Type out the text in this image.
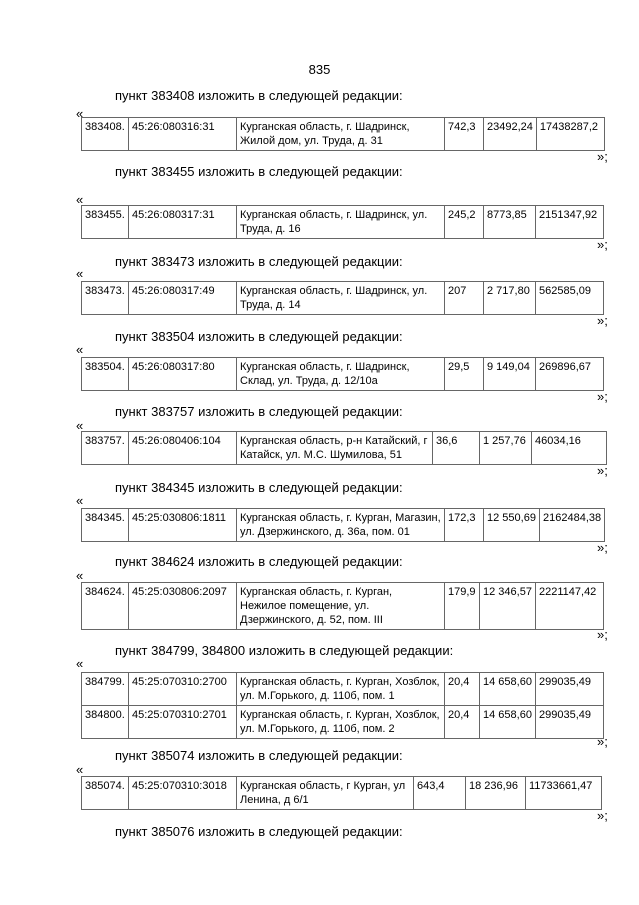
835
пункт 383408 изложить в следующей редакции:
«
383408.	45:26:080316:31	Курганская область, г. Шадринск, Жилой дом, ул. Труда, д. 31	742,3	23492,24	17438287,2
»;
пункт 383455 изложить в следующей редакции:
«
383455.	45:26:080317:31	Курганская область, г. Шадринск, ул. Труда, д. 16	245,2	8773,85	2151347,92
»;
пункт 383473 изложить в следующей редакции:
«
383473.	45:26:080317:49	Курганская область, г. Шадринск, ул. Труда, д. 14	207	2 717,80	562585,09
»;
пункт 383504 изложить в следующей редакции:
«
383504.	45:26:080317:80	Курганская область, г. Шадринск, Склад, ул. Труда, д. 12/10а	29,5	9 149,04	269896,67
»;
пункт 383757 изложить в следующей редакции:
«
383757.	45:26:080406:104	Курганская область, р-н Катайский, г Катайск, ул. М.С. Шумилова, 51	36,6	1 257,76	46034,16
»;
пункт 384345 изложить в следующей редакции:
«
384345.	45:25:030806:1811	Курганская область, г. Курган, Магазин, ул. Дзержинского, д. 36а, пом. 01	172,3	12 550,69	2162484,38
»;
пункт 384624 изложить в следующей редакции:
«
384624.	45:25:030806:2097	Курганская область, г. Курган, Нежилое помещение, ул. Дзержинского, д. 52, пом. III	179,9	12 346,57	2221147,42
»;
пункт 384799, 384800 изложить в следующей редакции:
«
384799.	45:25:070310:2700	Курганская область, г. Курган, Хозблок, ул. М.Горького, д. 110б, пом. 1	20,4	14 658,60	299035,49
384800.	45:25:070310:2701	Курганская область, г. Курган, Хозблок, ул. М.Горького, д. 110б, пом. 2	20,4	14 658,60	299035,49
»;
пункт 385074 изложить в следующей редакции:
«
385074.	45:25:070310:3018	Курганская область, г Курган, ул Ленина, д 6/1	643,4	18 236,96	11733661,47
»;
пункт 385076 изложить в следующей редакции:
